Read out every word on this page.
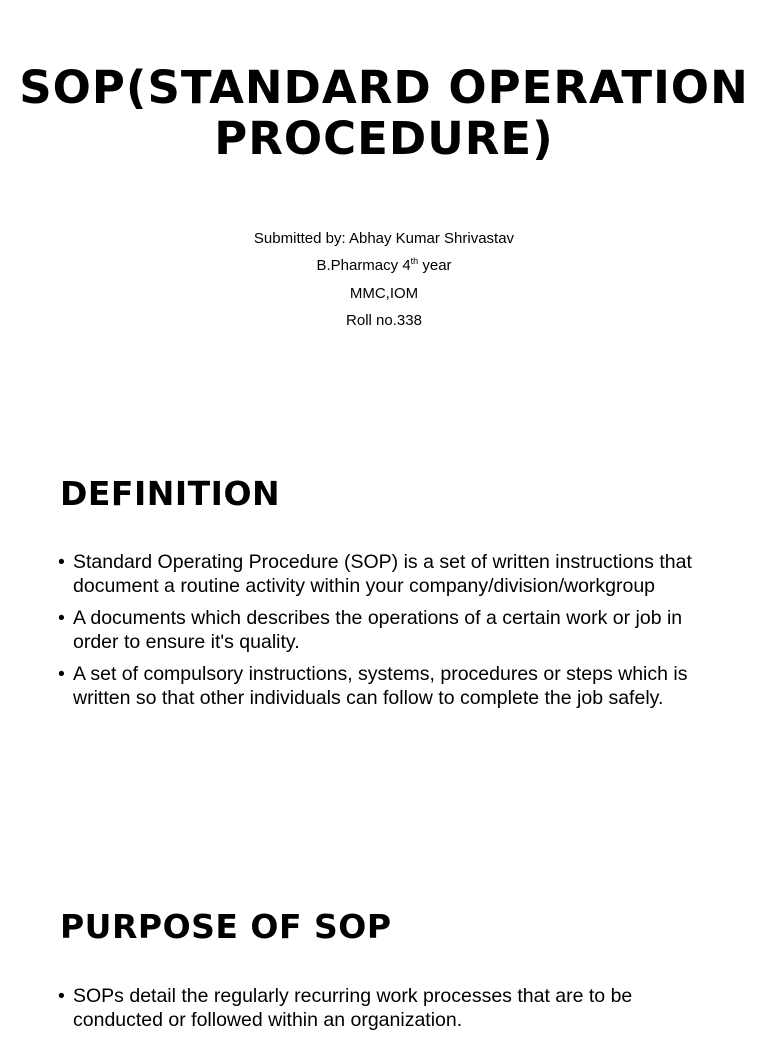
SOP(STANDARD OPERATION PROCEDURE)
Submitted by: Abhay Kumar Shrivastav
B.Pharmacy 4th year
MMC,IOM
Roll no.338
DEFINITION
• Standard Operating Procedure (SOP) is a set of written instructions that document a routine activity within your company/division/workgroup
• A documents which describes the operations of a certain work or job in order to ensure it's quality.
• A set of compulsory instructions, systems, procedures or steps which is written so that other individuals can follow to complete the job safely.
PURPOSE OF SOP
• SOPs detail the regularly recurring work processes that are to be conducted or followed within an organization.
